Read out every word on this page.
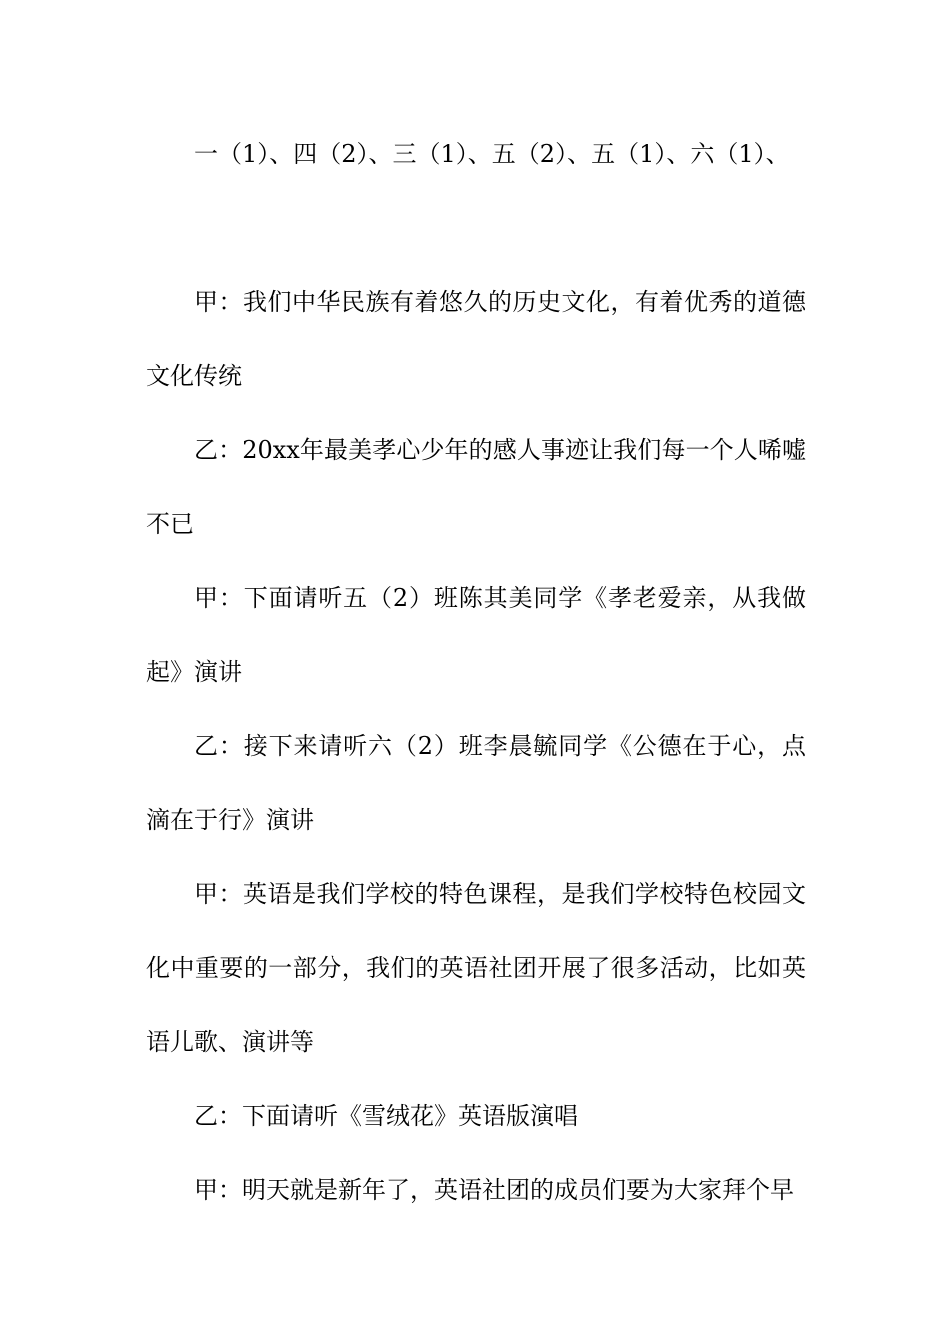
一（1）、四（2）、三（1）、五（2）、五（1）、六（1）、

甲：我们中华民族有着悠久的历史文化，有着优秀的道德文化传统

乙：20xx年最美孝心少年的感人事迹让我们每一个人唏嘘不已

甲：下面请听五（2）班陈其美同学《孝老爱亲，从我做起》演讲

乙：接下来请听六（2）班李晨毓同学《公德在于心，点滴在于行》演讲

甲：英语是我们学校的特色课程，是我们学校特色校园文化中重要的一部分，我们的英语社团开展了很多活动，比如英语儿歌、演讲等

乙：下面请听《雪绒花》英语版演唱

甲：明天就是新年了，英语社团的成员们要为大家拜个早
